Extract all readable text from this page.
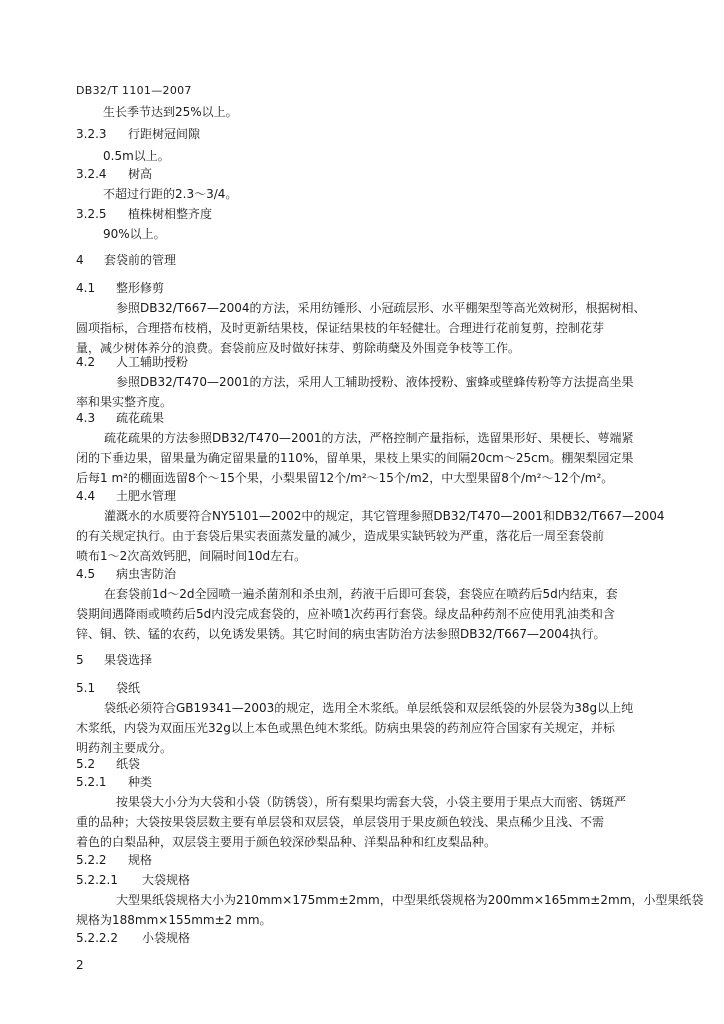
DB32/T 1101—2007
生长季节达到25%以上。
3.2.3 行距树冠间隙
0.5m以上。
3.2.4 树高
不超过行距的2.3～3/4。
3.2.5 植株树相整齐度
90%以上。
4 套袋前的管理
4.1 整形修剪
参照DB32/T667—2004的方法，采用纺锤形、小冠疏层形、水平棚架型等高光效树形，根据树相、
圆项指标，合理搭布枝梢，及时更新结果枝，保证结果枝的年轻健壮。合理进行花前复剪，控制花芽
量，减少树体养分的浪费。套袋前应及时做好抹芽、剪除萌蘖及外围竞争枝等工作。
4.2 人工辅助授粉
参照DB32/T470—2001的方法，采用人工辅助授粉、液体授粉、蜜蜂或壁蜂传粉等方法提高坐果
率和果实整齐度。
4.3 疏花疏果
疏花疏果的方法参照DB32/T470—2001的方法，严格控制产量指标，选留果形好、果梗长、萼端紧
闭的下垂边果，留果量为确定留果量的110%，留单果，果枝上果实的间隔20cm～25cm。棚架梨园定果
后每1 m²的棚面选留8个～15个果，小梨果留12个/m²～15个/m2，中大型果留8个/m²～12个/m²。
4.4 土肥水管理
灌溉水的水质要符合NY5101—2002中的规定，其它管理参照DB32/T470—2001和DB32/T667—2004
的有关规定执行。由于套袋后果实表面蒸发量的减少，造成果实缺钙较为严重，落花后一周至套袋前
喷布1～2次高效钙肥，间隔时间10d左右。
4.5 病虫害防治
在套袋前1d～2d全园喷一遍杀菌剂和杀虫剂，药液干后即可套袋，套袋应在喷药后5d内结束，套
袋期间遇降雨或喷药后5d内没完成套袋的，应补喷1次药再行套袋。绿皮品种药剂不应使用乳油类和含
锌、铜、铁、锰的农药，以免诱发果锈。其它时间的病虫害防治方法参照DB32/T667—2004执行。
5 果袋选择
5.1 袋纸
袋纸必须符合GB19341—2003的规定，选用全木浆纸。单层纸袋和双层纸袋的外层袋为38g以上纯
木浆纸，内袋为双面压光32g以上本色或黑色纯木浆纸。防病虫果袋的药剂应符合国家有关规定，并标
明药剂主要成分。
5.2 纸袋
5.2.1 种类
按果袋大小分为大袋和小袋（防锈袋），所有梨果均需套大袋，小袋主要用于果点大而密、锈斑严
重的品种；大袋按果袋层数主要有单层袋和双层袋，单层袋用于果皮颜色较浅、果点稀少且浅、不需
着色的白梨品种，双层袋主要用于颜色较深砂梨品种、洋梨品种和红皮梨品种。
5.2.2 规格
5.2.2.1 大袋规格
大型果纸袋规格大小为210mm×175mm±2mm，中型果纸袋规格为200mm×165mm±2mm，小型果纸袋
规格为188mm×155mm±2 mm。
5.2.2.2 小袋规格
2
